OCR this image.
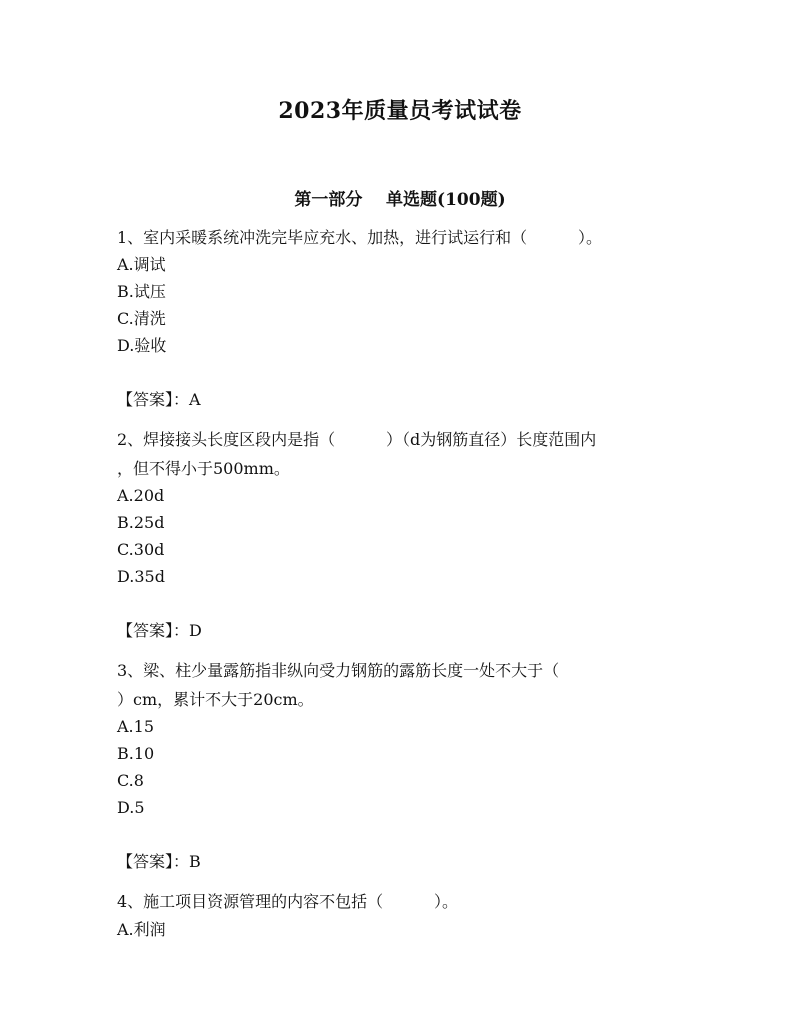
2023年质量员考试试卷
第一部分    单选题(100题)
1、室内采暖系统冲洗完毕应充水、加热，进行试运行和（          ）。
A.调试
B.试压
C.清洗
D.验收
【答案】：A
2、焊接接头长度区段内是指（          ）（d为钢筋直径）长度范围内
，但不得小于500mm。
A.20d
B.25d
C.30d
D.35d
【答案】：D
3、梁、柱少量露筋指非纵向受力钢筋的露筋长度一处不大于（
）cm，累计不大于20cm。
A.15
B.10
C.8
D.5
【答案】：B
4、施工项目资源管理的内容不包括（          ）。
A.利润
